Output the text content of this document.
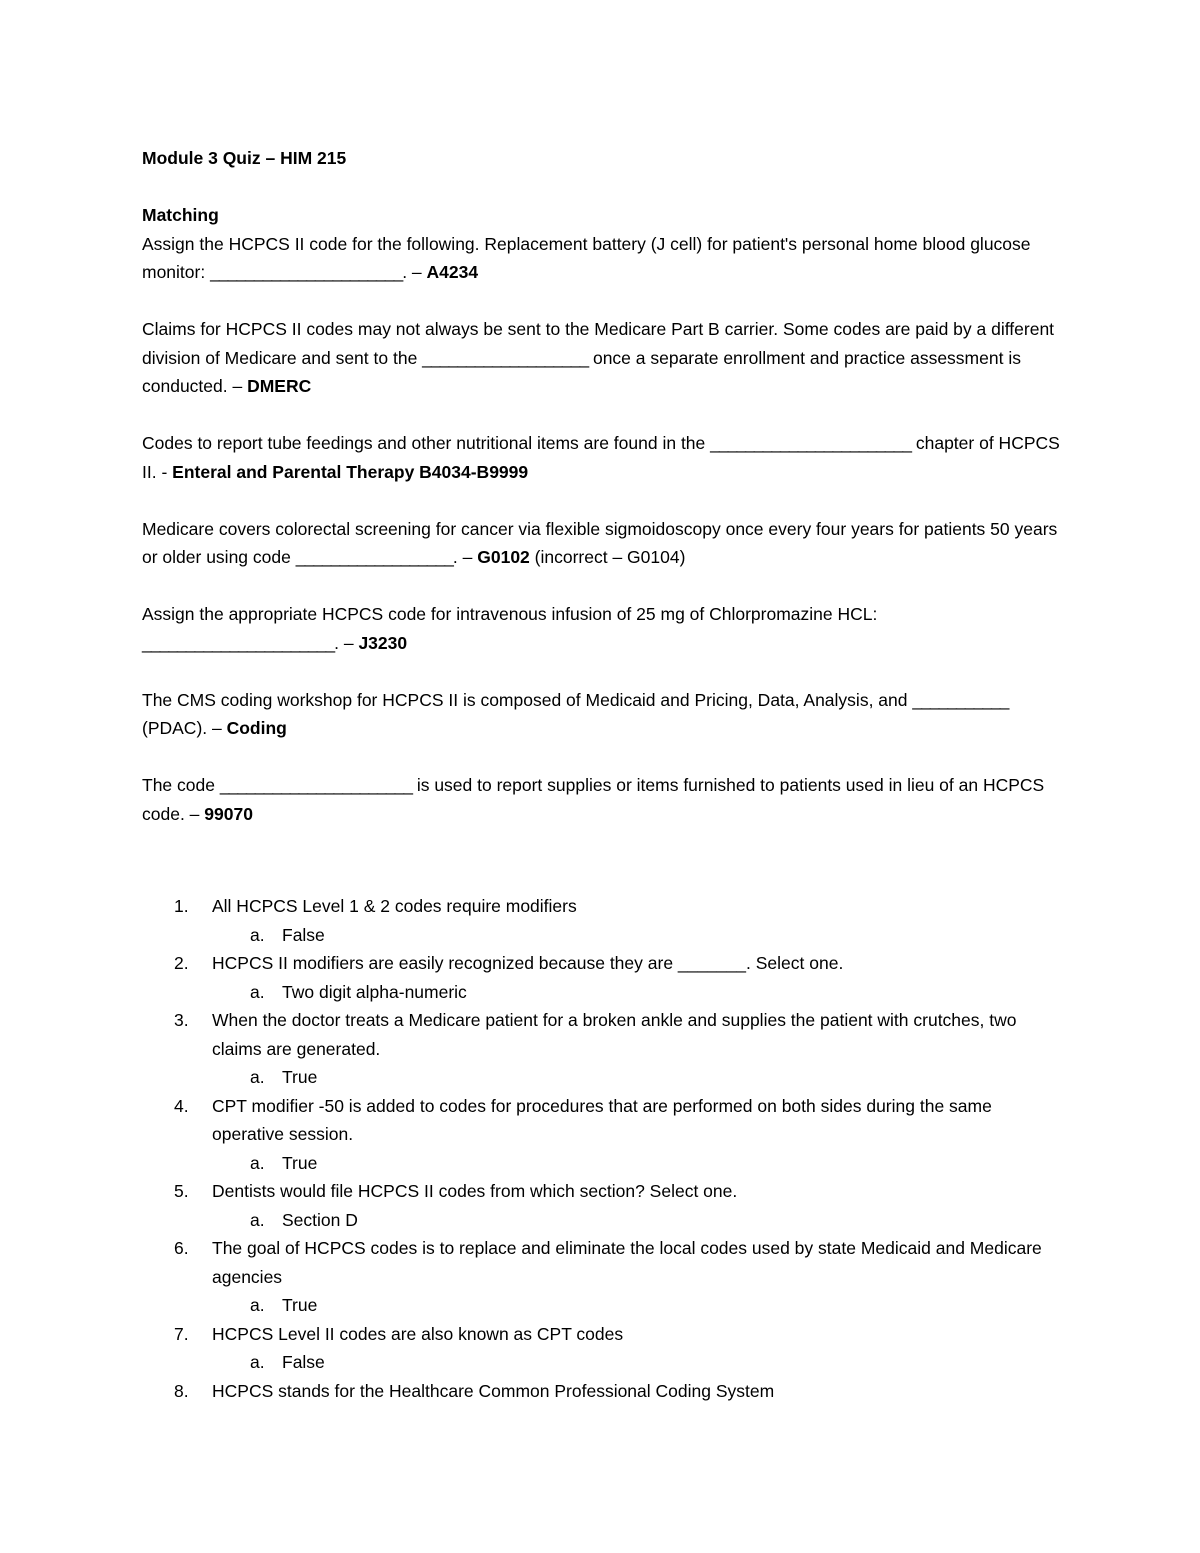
Module 3 Quiz – HIM 215

Matching

Assign the HCPCS II code for the following. Replacement battery (J cell) for patient's personal home blood glucose monitor: ______________________. – A4234

Claims for HCPCS II codes may not always be sent to the Medicare Part B carrier. Some codes are paid by a different division of Medicare and sent to the ___________________ once a separate enrollment and practice assessment is conducted. – DMERC

Codes to report tube feedings and other nutritional items are found in the _______________________ chapter of HCPCS II. - Enteral and Parental Therapy B4034-B9999

Medicare covers colorectal screening for cancer via flexible sigmoidoscopy once every four years for patients 50 years or older using code __________________. – G0102 (incorrect – G0104)

Assign the appropriate HCPCS code for intravenous infusion of 25 mg of Chlorpromazine HCL: ______________________. – J3230

The CMS coding workshop for HCPCS II is composed of Medicaid and Pricing, Data, Analysis, and ___________ (PDAC). – Coding

The code ______________________ is used to report supplies or items furnished to patients used in lieu of an HCPCS code. – 99070

1. All HCPCS Level 1 & 2 codes require modifiers
a. False
2. HCPCS II modifiers are easily recognized because they are _______. Select one.
a. Two digit alpha-numeric
3. When the doctor treats a Medicare patient for a broken ankle and supplies the patient with crutches, two claims are generated.
a. True
4. CPT modifier -50 is added to codes for procedures that are performed on both sides during the same operative session.
a. True
5. Dentists would file HCPCS II codes from which section? Select one.
a. Section D
6. The goal of HCPCS codes is to replace and eliminate the local codes used by state Medicaid and Medicare agencies
a. True
7. HCPCS Level II codes are also known as CPT codes
a. False
8. HCPCS stands for the Healthcare Common Professional Coding System
